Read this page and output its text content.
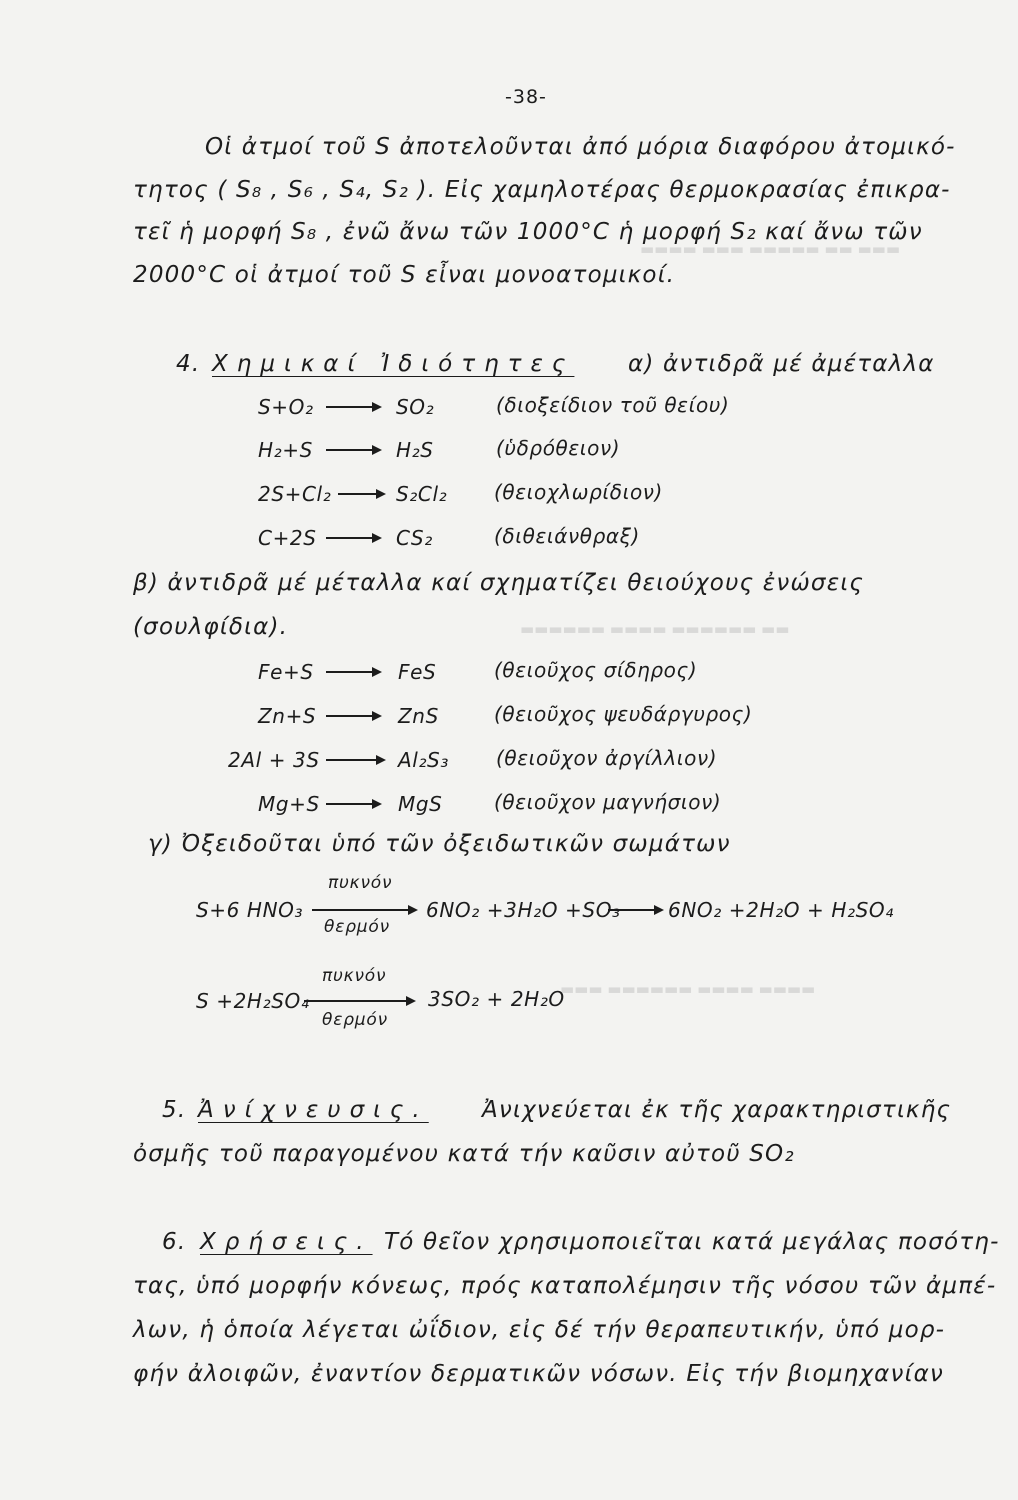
▬▬▬▬ ▬▬▬ ▬▬▬▬▬ ▬▬ ▬▬▬
▬▬▬▬▬▬ ▬▬▬▬ ▬▬▬▬▬▬ ▬▬
▬▬▬ ▬▬▬▬▬▬ ▬▬▬▬ ▬▬▬▬
-38-
Οἱ ἀτμοί τοῦ S ἀποτελοῦνται ἀπό μόρια διαφόρου ἀτομικό-
τητος ( S₈ , S₆ , S₄, S₂ ). Εἰς χαμηλοτέρας θερμοκρασίας ἐπικρα-
τεῖ ἡ μορφή S₈ , ἐνῶ ἄνω τῶν 1000°C ἡ μορφή S₂ καί ἄνω τῶν
2000°C οἱ ἀτμοί τοῦ S εἶναι μονοατομικοί.
4. Χημικαί Ἰδιότητες α) ἀντιδρᾶ μέ ἀμέταλλα
S+O₂ → SO₂	(διοξείδιον τοῦ θείου)
H₂+S → H₂S	(ὑδρόθειον)
2S+Cl₂ → S₂Cl₂ (θειοχλωρίδιον)
C+2S → CS₂	(διθειάνθραξ)
β) ἀντιδρᾶ μέ μέταλλα καί σχηματίζει θειούχους ἐνώσεις
(σουλφίδια).
Fe+S → FeS	(θειοῦχος σίδηρος)
Zn+S → ZnS	(θειοῦχος ψευδάργυρος)
2Al + 3S → Al₂S₃ (θειοῦχον ἀργίλλιον)
Mg+S → MgS	(θειοῦχον μαγνήσιον)
γ) Ὀξειδοῦται ὑπό τῶν ὀξειδωτικῶν σωμάτων
πυκνόν
S+6 HNO₃
θερμόν
6NO₂ +3H₂O +SO₃ → 6NO₂ +2H₂O + H₂SO₄
πυκνόν
S +2H₂SO₄
θερμόν
3SO₂ + 2H₂O
5. Ἀνίχνευσις. Ἀνιχνεύεται ἐκ τῆς χαρακτηριστικῆς
ὀσμῆς τοῦ παραγομένου κατά τήν καῦσιν αὐτοῦ SO₂
6. Χρήσεις. Τό θεῖον χρησιμοποιεῖται κατά μεγάλας ποσότη-
τας, ὑπό μορφήν κόνεως, πρός καταπολέμησιν τῆς νόσου τῶν ἀμπέ-
λων, ἡ ὁποία λέγεται ὠΐδιον, εἰς δέ τήν θεραπευτικήν, ὑπό μορ-
φήν ἀλοιφῶν, ἐναντίον δερματικῶν νόσων. Εἰς τήν βιομηχανίαν
